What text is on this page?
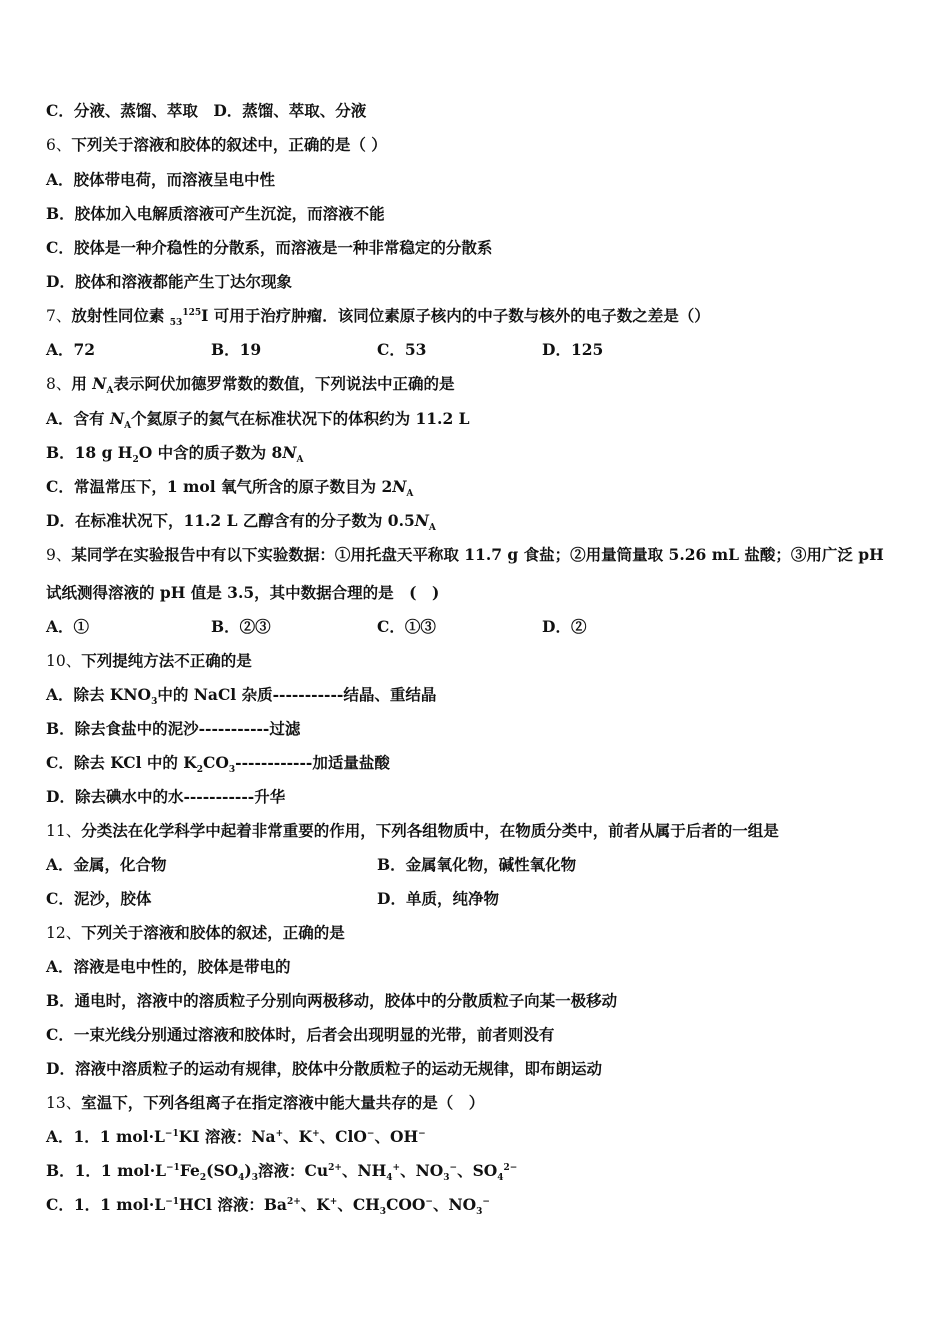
C．分液、蒸馏、萃取　D．蒸馏、萃取、分液
6、下列关于溶液和胶体的叙述中，正确的是（ ）
A．胶体带电荷，而溶液呈电中性
B．胶体加入电解质溶液可产生沉淀，而溶液不能
C．胶体是一种介稳性的分散系，而溶液是一种非常稳定的分散系
D．胶体和溶液都能产生丁达尔现象
7、放射性同位素 $_{53}^{125}$I 可用于治疗肿瘤．该同位素原子核内的中子数与核外的电子数之差是（）
A．72	B．19	C．53	D．125
8、用 $N_A$表示阿伏加德罗常数的数值，下列说法中正确的是
A．含有 $N_A$个氦原子的氦气在标准状况下的体积约为 11.2 L
B．18 g $H_2O$ 中含的质子数为 $8N_A$
C．常温常压下，1 mol 氧气所含的原子数目为 $2N_A$
D．在标准状况下，11.2 L 乙醇含有的分子数为 $0.5N_A$
9、某同学在实验报告中有以下实验数据：①用托盘天平称取 11.7 g 食盐；②用量筒量取 5.26 mL 盐酸；③用广泛 pH
试纸测得溶液的 pH 值是 3.5，其中数据合理的是　(　)
A．①	B．②③	C．①③	D．②
10、下列提纯方法不正确的是
A．除去 $KNO_3$中的 NaCl 杂质-----------结晶、重结晶
B．除去食盐中的泥沙-----------过滤
C．除去 KCl 中的 $K_2CO_3------------$加适量盐酸
D．除去碘水中的水-----------升华
11、分类法在化学科学中起着非常重要的作用，下列各组物质中，在物质分类中，前者从属于后者的一组是
A．金属，化合物	B．金属氧化物，碱性氧化物
C．泥沙，胶体	D．单质，纯净物
12、下列关于溶液和胶体的叙述，正确的是
A．溶液是电中性的，胶体是带电的
B．通电时，溶液中的溶质粒子分别向两极移动，胶体中的分散质粒子向某一极移动
C．一束光线分别通过溶液和胶体时，后者会出现明显的光带，前者则没有
D．溶液中溶质粒子的运动有规律，胶体中分散质粒子的运动无规律，即布朗运动
13、室温下，下列各组离子在指定溶液中能大量共存的是（　）
A．1．1 $mol\cdot L^{-1}KI$ 溶液：Na+、K+、ClO−、OH−
B．1．1 $mol\cdot L^{-1}Fe_2(SO_4)_3$溶液：$Cu^{2+}$、$NH_4^+$、$NO_3^-$、$SO_4^{2-}$
C．1．1 $mol\cdot L^{-1}HCl$ 溶液：$Ba^{2+}$、K+、$CH_3COO^-$、$NO_3^-$
